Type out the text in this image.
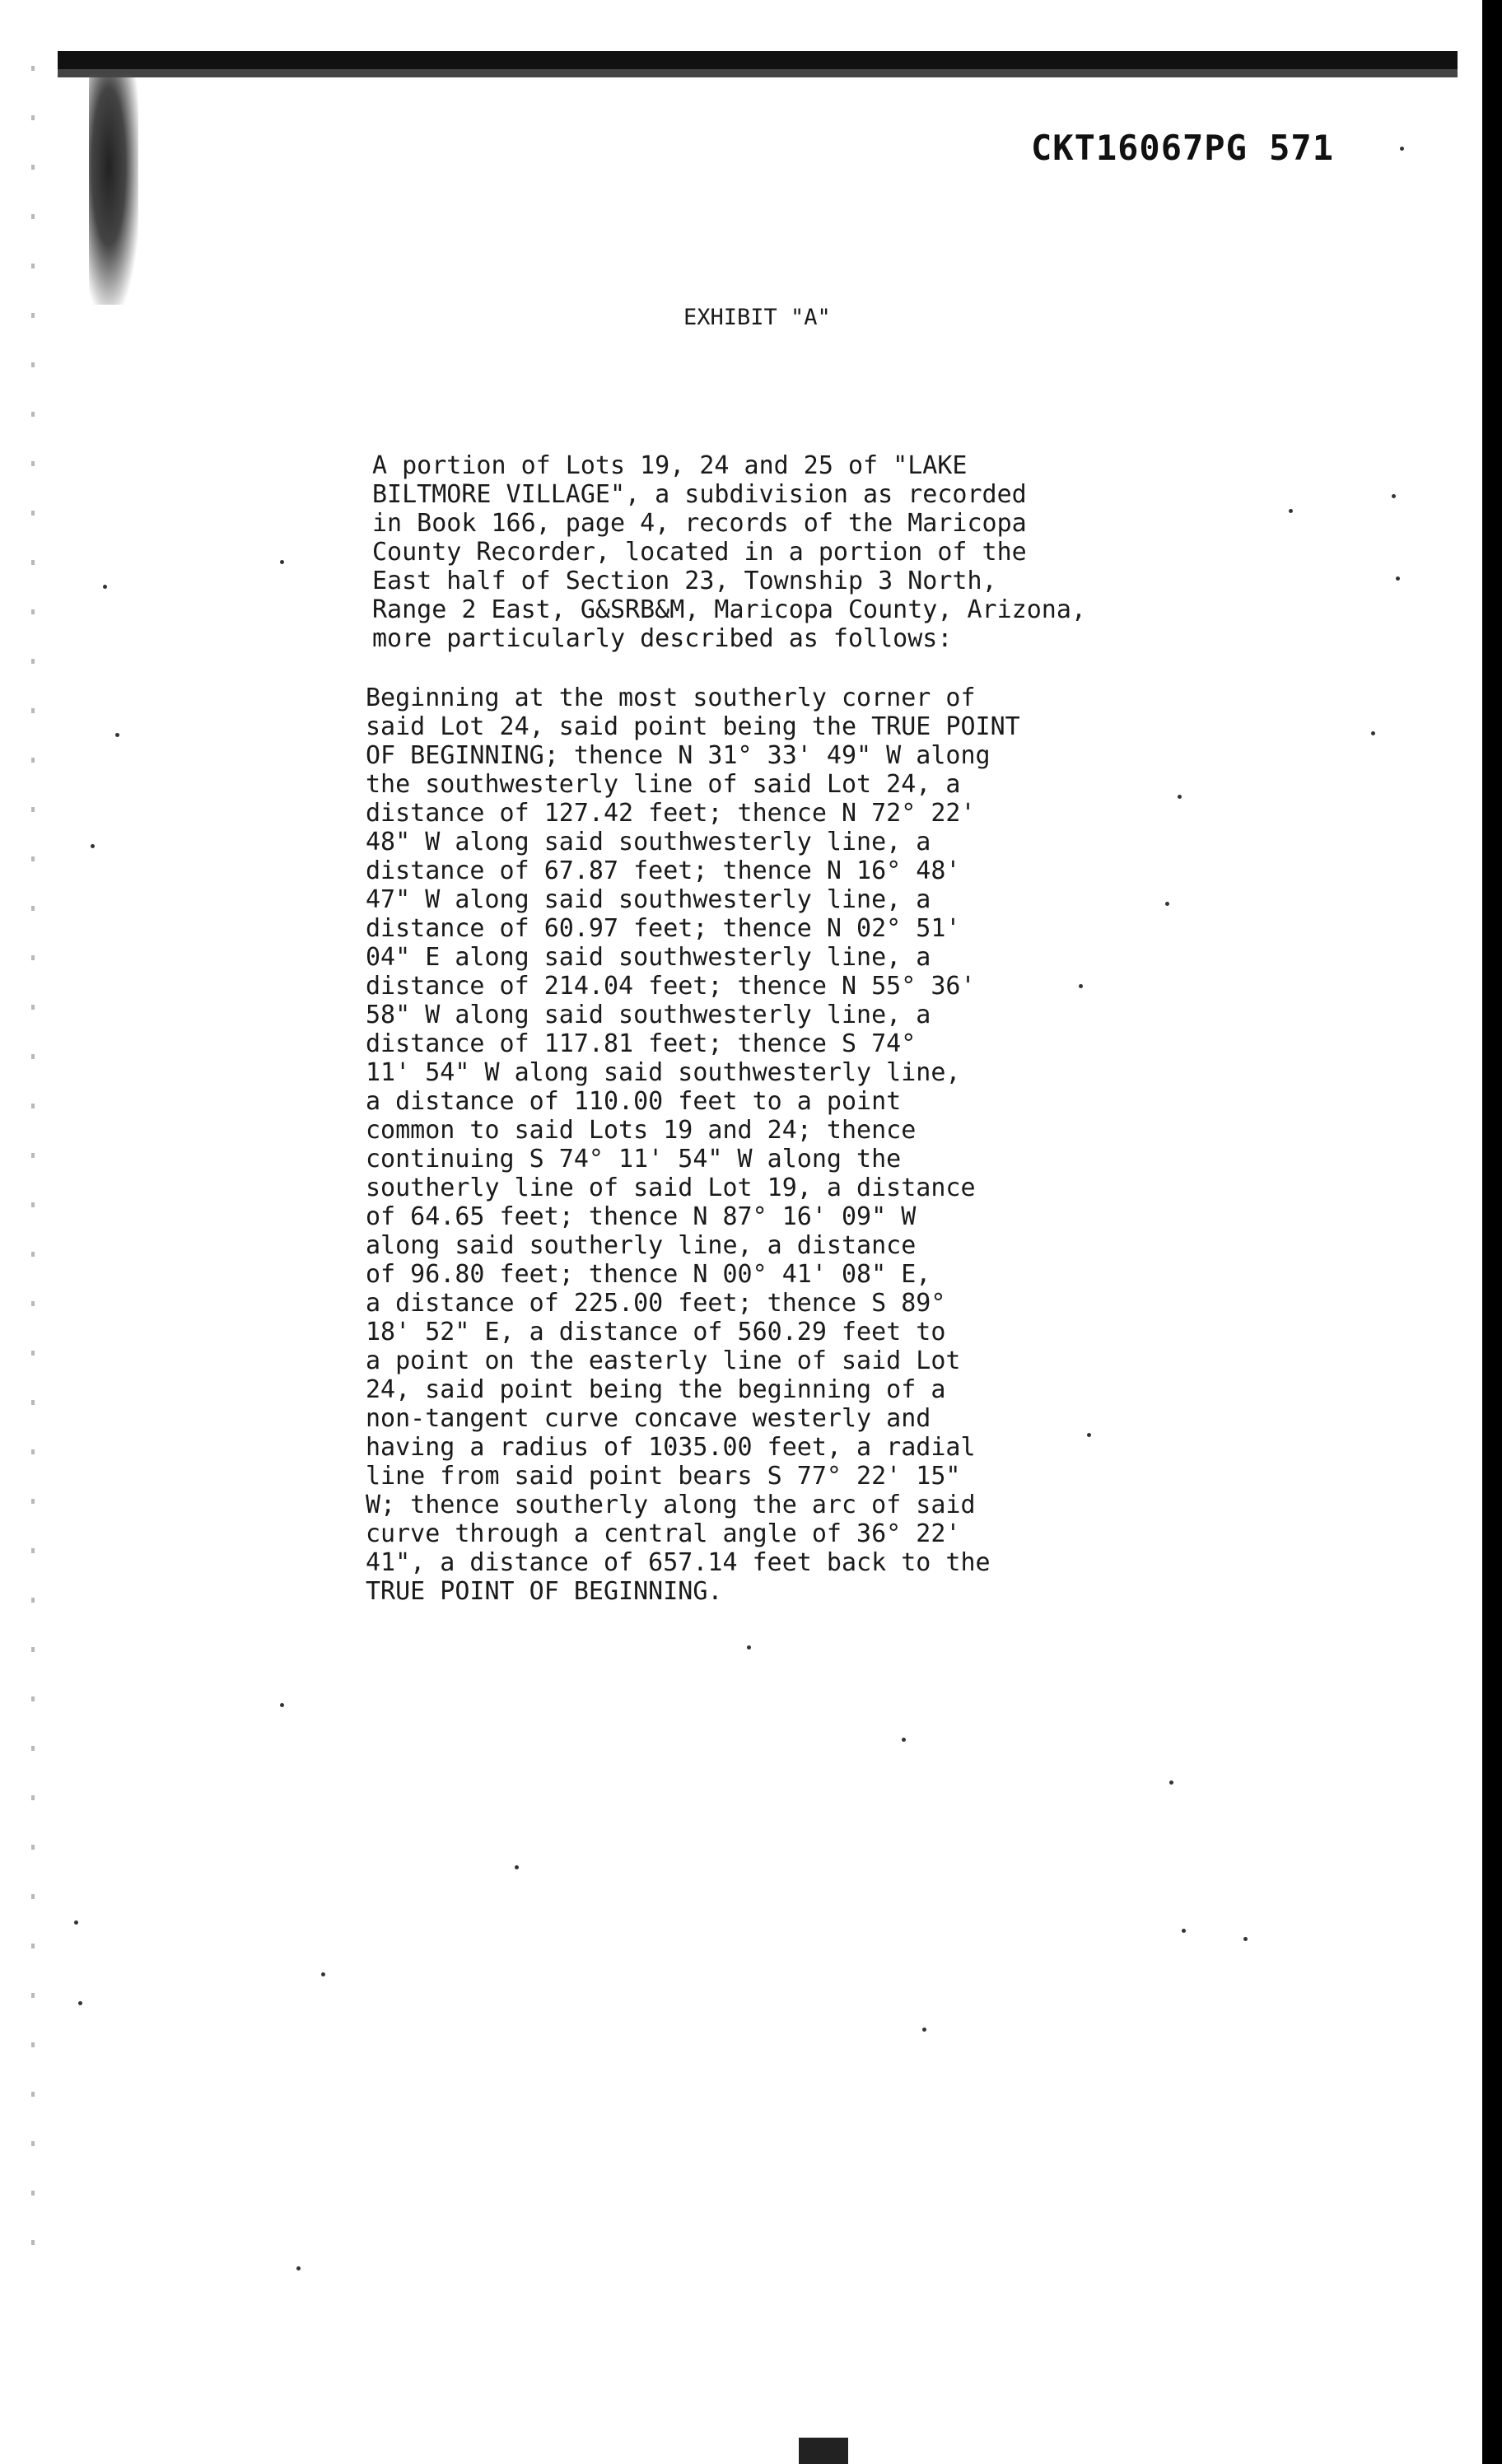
CKT16067PG 571
EXHIBIT "A"

A portion of Lots 19, 24 and 25 of "LAKE
BILTMORE VILLAGE", a subdivision as recorded
in Book 166, page 4, records of the Maricopa
County Recorder, located in a portion of the
East half of Section 23, Township 3 North,
Range 2 East, G&SRB&M, Maricopa County, Arizona,
more particularly described as follows:

Beginning at the most southerly corner of
said Lot 24, said point being the TRUE POINT
OF BEGINNING; thence N 31° 33' 49" W along
the southwesterly line of said Lot 24, a
distance of 127.42 feet; thence N 72° 22'
48" W along said southwesterly line, a
distance of 67.87 feet; thence N 16° 48'
47" W along said southwesterly line, a
distance of 60.97 feet; thence N 02° 51'
04" E along said southwesterly line, a
distance of 214.04 feet; thence N 55° 36'
58" W along said southwesterly line, a
distance of 117.81 feet; thence S 74°
11' 54" W along said southwesterly line,
a distance of 110.00 feet to a point
common to said Lots 19 and 24; thence
continuing S 74° 11' 54" W along the
southerly line of said Lot 19, a distance
of 64.65 feet; thence N 87° 16' 09" W
along said southerly line, a distance
of 96.80 feet; thence N 00° 41' 08" E,
a distance of 225.00 feet; thence S 89°
18' 52" E, a distance of 560.29 feet to
a point on the easterly line of said Lot
24, said point being the beginning of a
non-tangent curve concave westerly and
having a radius of 1035.00 feet, a radial
line from said point bears S 77° 22' 15"
W; thence southerly along the arc of said
curve through a central angle of 36° 22'
41", a distance of 657.14 feet back to the
TRUE POINT OF BEGINNING.
